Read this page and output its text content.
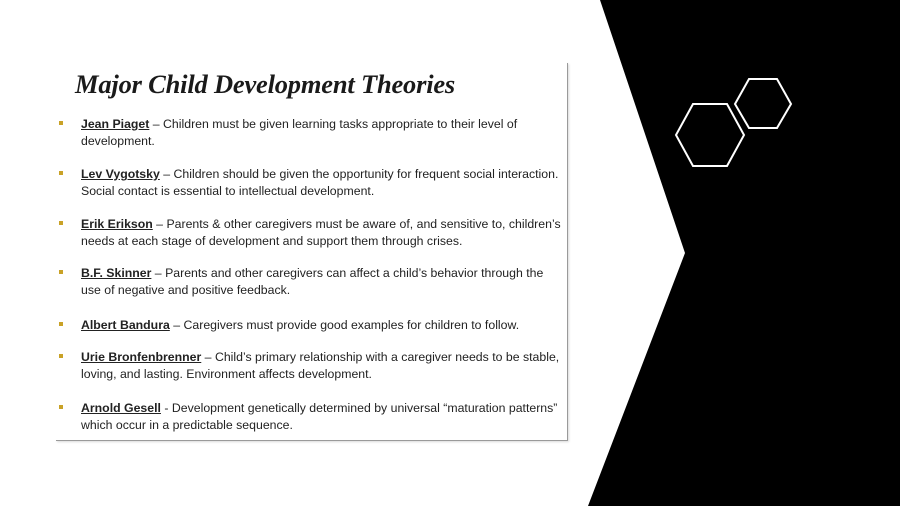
Major Child Development Theories
Jean Piaget – Children must be given learning tasks appropriate to their level of development.
Lev Vygotsky – Children should be given the opportunity for frequent social interaction. Social contact is essential to intellectual development.
Erik Erikson – Parents & other caregivers must be aware of, and sensitive to, children’s needs at each stage of development and support them through crises.
B.F. Skinner – Parents and other caregivers can affect a child’s behavior through the use of negative and positive feedback.
Albert Bandura – Caregivers must provide good examples for children to follow.
Urie Bronfenbrenner – Child’s primary relationship with a caregiver needs to be stable, loving, and lasting. Environment affects development.
Arnold Gesell - Development genetically determined by universal “maturation patterns” which occur in a predictable sequence.
